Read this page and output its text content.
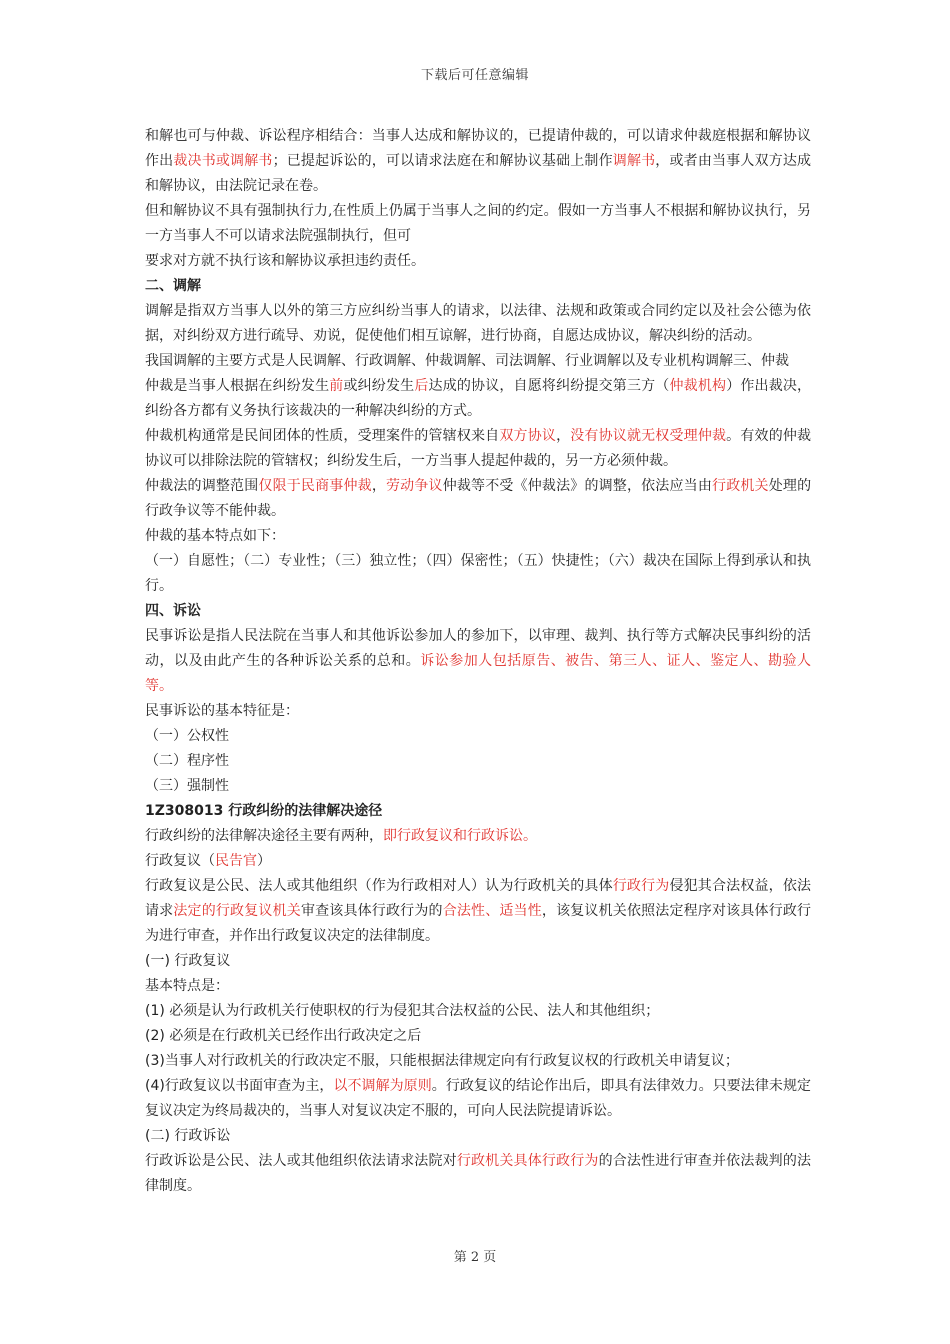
下载后可任意编辑

和解也可与仲裁、诉讼程序相结合：当事人达成和解协议的，已提请仲裁的，可以请求仲裁庭根据和解协议作出裁决书或调解书；已提起诉讼的，可以请求法庭在和解协议基础上制作调解书，或者由当事人双方达成和解协议，由法院记录在卷。

但和解协议不具有强制执行力,在性质上仍属于当事人之间的约定。假如一方当事人不根据和解协议执行，另一方当事人不可以请求法院强制执行，但可

要求对方就不执行该和解协议承担违约责任。

二、调解

调解是指双方当事人以外的第三方应纠纷当事人的请求，以法律、法规和政策或合同约定以及社会公德为依据，对纠纷双方进行疏导、劝说，促使他们相互谅解，进行协商，自愿达成协议，解决纠纷的活动。

我国调解的主要方式是人民调解、行政调解、仲裁调解、司法调解、行业调解以及专业机构调解三、仲裁

仲裁是当事人根据在纠纷发生前或纠纷发生后达成的协议，自愿将纠纷提交第三方（仲裁机构）作出裁决，纠纷各方都有义务执行该裁决的一种解决纠纷的方式。

仲裁机构通常是民间团体的性质，受理案件的管辖权来自双方协议，没有协议就无权受理仲裁。有效的仲裁协议可以排除法院的管辖权；纠纷发生后，一方当事人提起仲裁的，另一方必须仲裁。

仲裁法的调整范围仅限于民商事仲裁，劳动争议仲裁等不受《仲裁法》的调整，依法应当由行政机关处理的行政争议等不能仲裁。

仲裁的基本特点如下：

（一）自愿性；（二）专业性；（三）独立性；（四）保密性；（五）快捷性；（六）裁决在国际上得到承认和执行。

四、诉讼

民事诉讼是指人民法院在当事人和其他诉讼参加人的参加下，以审理、裁判、执行等方式解决民事纠纷的活动，以及由此产生的各种诉讼关系的总和。诉讼参加人包括原告、被告、第三人、证人、鉴定人、勘验人等。

民事诉讼的基本特征是：

（一）公权性

（二）程序性

（三）强制性

1Z308013 行政纠纷的法律解决途径

行政纠纷的法律解决途径主要有两种，即行政复议和行政诉讼。

行政复议（民告官）

行政复议是公民、法人或其他组织（作为行政相对人）认为行政机关的具体行政行为侵犯其合法权益，依法请求法定的行政复议机关审查该具体行政行为的合法性、适当性，该复议机关依照法定程序对该具体行政行为进行审查，并作出行政复议决定的法律制度。

(一) 行政复议

基本特点是：

(1) 必须是认为行政机关行使职权的行为侵犯其合法权益的公民、法人和其他组织；

(2) 必须是在行政机关已经作出行政决定之后

(3)当事人对行政机关的行政决定不服，只能根据法律规定向有行政复议权的行政机关申请复议；

(4)行政复议以书面审查为主，以不调解为原则。行政复议的结论作出后，即具有法律效力。只要法律未规定复议决定为终局裁决的，当事人对复议决定不服的，可向人民法院提请诉讼。

(二) 行政诉讼

行政诉讼是公民、法人或其他组织依法请求法院对行政机关具体行政行为的合法性进行审查并依法裁判的法律制度。

第 2 页
